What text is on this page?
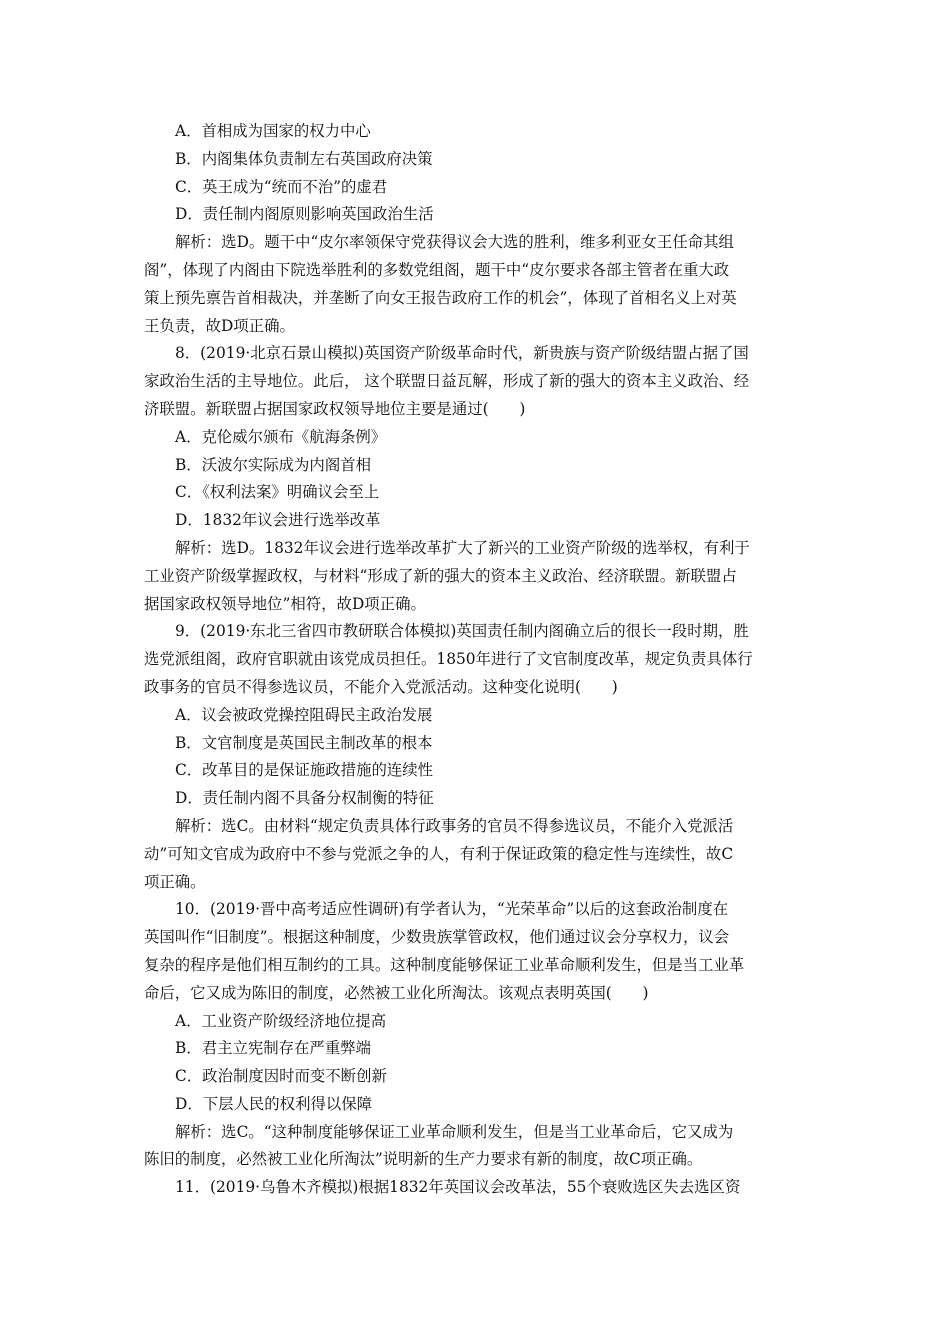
A．首相成为国家的权力中心
B．内阁集体负责制左右英国政府决策
C．英王成为“统而不治”的虚君
D．责任制内阁原则影响英国政治生活
解析：选D。题干中“皮尔率领保守党获得议会大选的胜利，维多利亚女王任命其组
阁”，体现了内阁由下院选举胜利的多数党组阁，题干中“皮尔要求各部主管者在重大政
策上预先禀告首相裁决，并垄断了向女王报告政府工作的机会”，体现了首相名义上对英
王负责，故D项正确。
8．(2019·北京石景山模拟)英国资产阶级革命时代，新贵族与资产阶级结盟占据了国
家政治生活的主导地位。此后， 这个联盟日益瓦解，形成了新的强大的资本主义政治、经
济联盟。新联盟占据国家政权领导地位主要是通过(　　)
A．克伦威尔颁布《航海条例》
B．沃波尔实际成为内阁首相
C．《权利法案》明确议会至上
D．1832年议会进行选举改革
解析：选D。1832年议会进行选举改革扩大了新兴的工业资产阶级的选举权，有利于
工业资产阶级掌握政权，与材料“形成了新的强大的资本主义政治、经济联盟。新联盟占
据国家政权领导地位”相符，故D项正确。
9．(2019·东北三省四市教研联合体模拟)英国责任制内阁确立后的很长一段时期，胜
选党派组阁，政府官职就由该党成员担任。1850年进行了文官制度改革，规定负责具体行
政事务的官员不得参选议员，不能介入党派活动。这种变化说明(　　)
A．议会被政党操控阻碍民主政治发展
B．文官制度是英国民主制改革的根本
C．改革目的是保证施政措施的连续性
D．责任制内阁不具备分权制衡的特征
解析：选C。由材料“规定负责具体行政事务的官员不得参选议员，不能介入党派活
动”可知文官成为政府中不参与党派之争的人，有利于保证政策的稳定性与连续性，故C
项正确。
10．(2019·晋中高考适应性调研)有学者认为，“光荣革命”以后的这套政治制度在
英国叫作“旧制度”。根据这种制度，少数贵族掌管政权，他们通过议会分享权力，议会
复杂的程序是他们相互制约的工具。这种制度能够保证工业革命顺利发生，但是当工业革
命后，它又成为陈旧的制度，必然被工业化所淘汰。该观点表明英国(　　)
A．工业资产阶级经济地位提高
B．君主立宪制存在严重弊端
C．政治制度因时而变不断创新
D．下层人民的权利得以保障
解析：选C。“这种制度能够保证工业革命顺利发生，但是当工业革命后，它又成为
陈旧的制度，必然被工业化所淘汰”说明新的生产力要求有新的制度，故C项正确。
11．(2019·乌鲁木齐模拟)根据1832年英国议会改革法，55个衰败选区失去选区资
